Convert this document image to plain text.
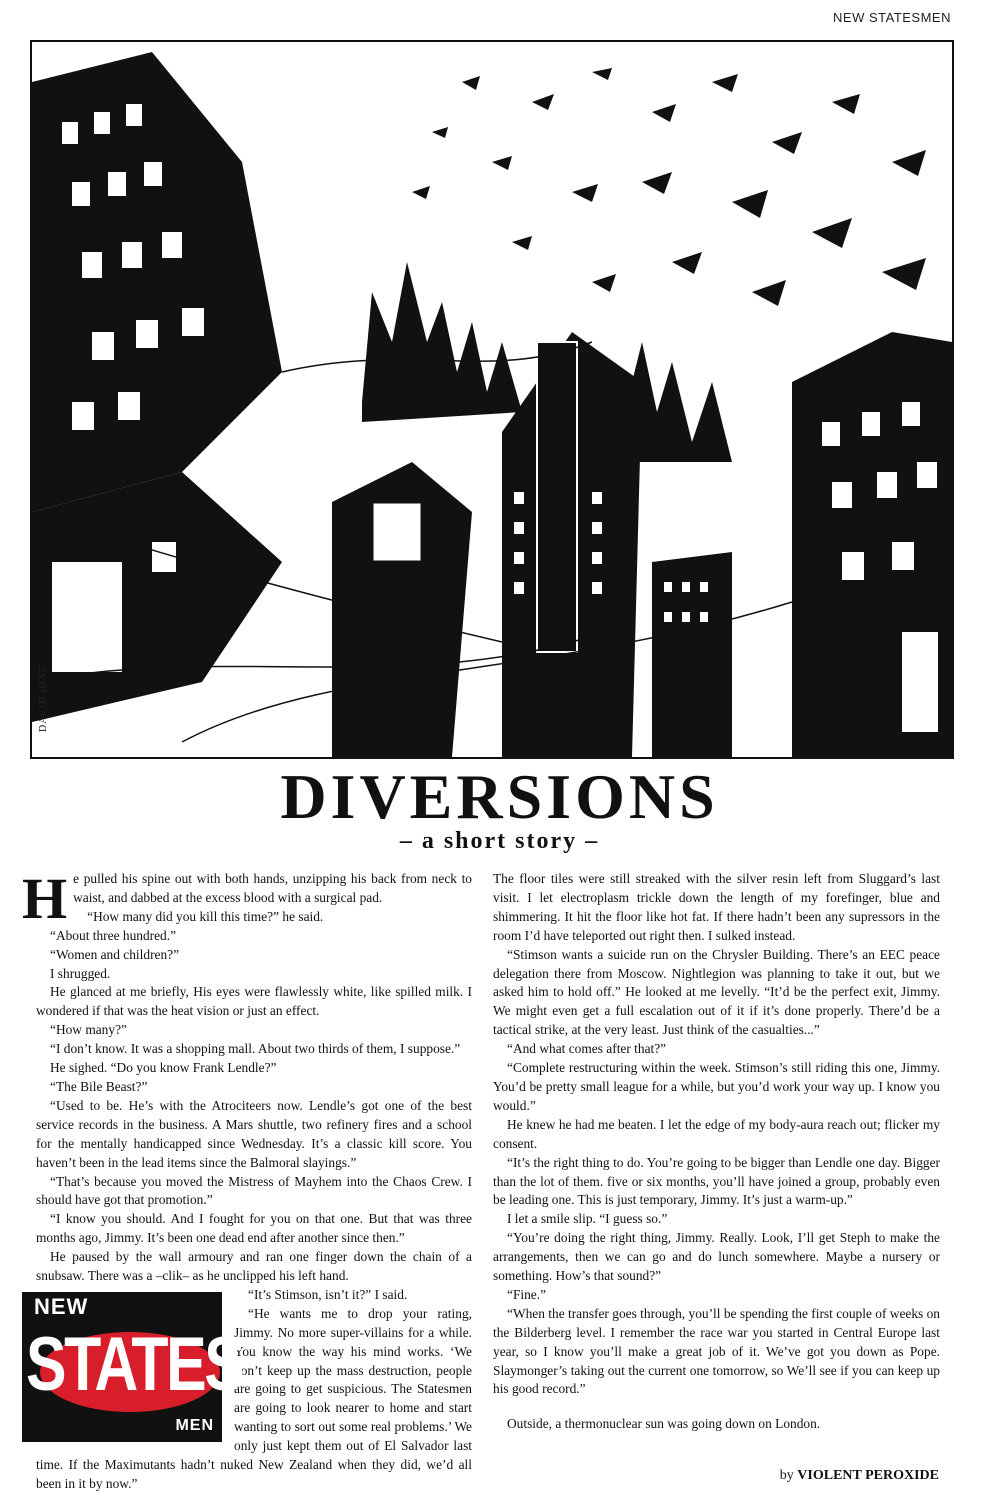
NEW STATESMEN
DAVID HINE
DIVERSIONS
– a short story –

He pulled his spine out with both hands, unzipping his back from neck to waist, and dabbed at the excess blood with a surgical pad.

“How many did you kill this time?” he said.

“About three hundred.”

“Women and children?”

I shrugged.

He glanced at me briefly, His eyes were flawlessly white, like spilled milk. I wondered if that was the heat vision or just an effect.

“How many?”

“I don’t know. It was a shopping mall. About two thirds of them, I suppose.”

He sighed. “Do you know Frank Lendle?”

“The Bile Beast?”

“Used to be. He’s with the Atrociteers now. Lendle’s got one of the best service records in the business. A Mars shuttle, two refinery fires and a school for the mentally handicapped since Wednesday. It’s a classic kill score. You haven’t been in the lead items since the Balmoral slayings.”

“That’s because you moved the Mistress of Mayhem into the Chaos Crew. I should have got that promotion.”

“I know you should. And I fought for you on that one. But that was three months ago, Jimmy. It’s been one dead end after another since then.”

He paused by the wall armoury and ran one finger down the chain of a snubsaw. There was a –clik– as he unclipped his left hand.

NEW
STATES
MEN

“It’s Stimson, isn’t it?” I said.

“He wants me to drop your rating, Jimmy. No more super-villains for a while. You know the way his mind works. ‘We don’t keep up the mass destruction, people are going to get suspicious. The Statesmen are going to look nearer to home and start wanting to sort out some real problems.’ We only just kept them out of El Salvador last time. If the Maximutants hadn’t nuked New Zealand when they did, we’d all been in it by now.”

The floor tiles were still streaked with the silver resin left from Sluggard’s last visit. I let electroplasm trickle down the length of my forefinger, blue and shimmering. It hit the floor like hot fat. If there hadn’t been any supressors in the room I’d have teleported out right then. I sulked instead.

“Stimson wants a suicide run on the Chrysler Building. There’s an EEC peace delegation there from Moscow. Nightlegion was planning to take it out, but we asked him to hold off.” He looked at me levelly. “It’d be the perfect exit, Jimmy. We might even get a full escalation out of it if it’s done properly. There’d be a tactical strike, at the very least. Just think of the casualties...”

“And what comes after that?”

“Complete restructuring within the week. Stimson’s still riding this one, Jimmy. You’d be pretty small league for a while, but you’d work your way up. I know you would.”

He knew he had me beaten. I let the edge of my body-aura reach out; flicker my consent.

“It’s the right thing to do. You’re going to be bigger than Lendle one day. Bigger than the lot of them. five or six months, you’ll have joined a group, probably even be leading one. This is just temporary, Jimmy. It’s just a warm-up.”

I let a smile slip. “I guess so.”

“You’re doing the right thing, Jimmy. Really. Look, I’ll get Steph to make the arrangements, then we can go and do lunch somewhere. Maybe a nursery or something. How’s that sound?”

“Fine.”

“When the transfer goes through, you’ll be spending the first couple of weeks on the Bilderberg level. I remember the race war you started in Central Europe last year, so I know you’ll make a great job of it. We’ve got you down as Pope. Slaymonger’s taking out the current one tomorrow, so We’ll see if you can keep up his good record.”

Outside, a thermonuclear sun was going down on London.

by VIOLENT PEROXIDE
